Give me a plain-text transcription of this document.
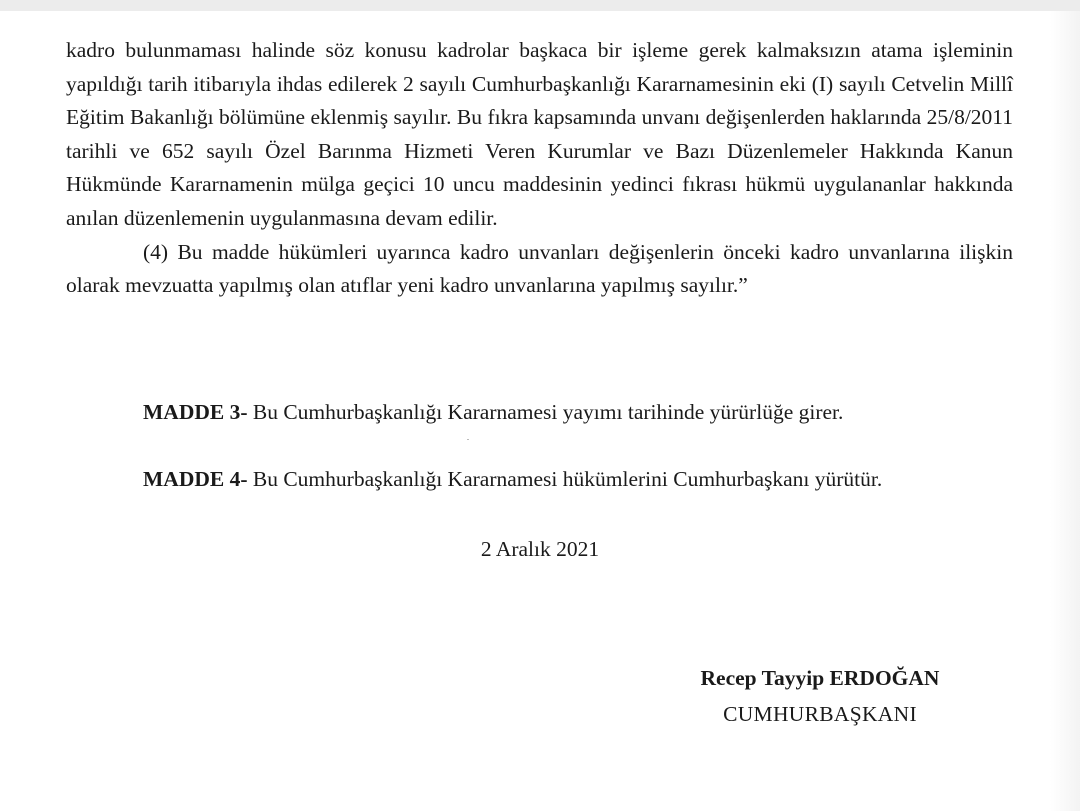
kadro bulunmaması halinde söz konusu kadrolar başkaca bir işleme gerek kalmaksızın atama işleminin yapıldığı tarih itibarıyla ihdas edilerek 2 sayılı Cumhurbaşkanlığı Kararnamesinin eki (I) sayılı Cetvelin Millî Eğitim Bakanlığı bölümüne eklenmiş sayılır. Bu fıkra kapsamında unvanı değişenlerden haklarında 25/8/2011 tarihli ve 652 sayılı Özel Barınma Hizmeti Veren Kurumlar ve Bazı Düzenlemeler Hakkında Kanun Hükmünde Kararnamenin mülga geçici 10 uncu maddesinin yedinci fıkrası hükmü uygulananlar hakkında anılan düzenlemenin uygulanmasına devam edilir.

(4) Bu madde hükümleri uyarınca kadro unvanları değişenlerin önceki kadro unvanlarına ilişkin olarak mevzuatta yapılmış olan atıflar yeni kadro unvanlarına yapılmış sayılır.”

MADDE 3- Bu Cumhurbaşkanlığı Kararnamesi yayımı tarihinde yürürlüğe girer.
MADDE 4- Bu Cumhurbaşkanlığı Kararnamesi hükümlerini Cumhurbaşkanı yürütür.
2 Aralık 2021
Recep Tayyip ERDOĞAN
CUMHURBAŞKANI
